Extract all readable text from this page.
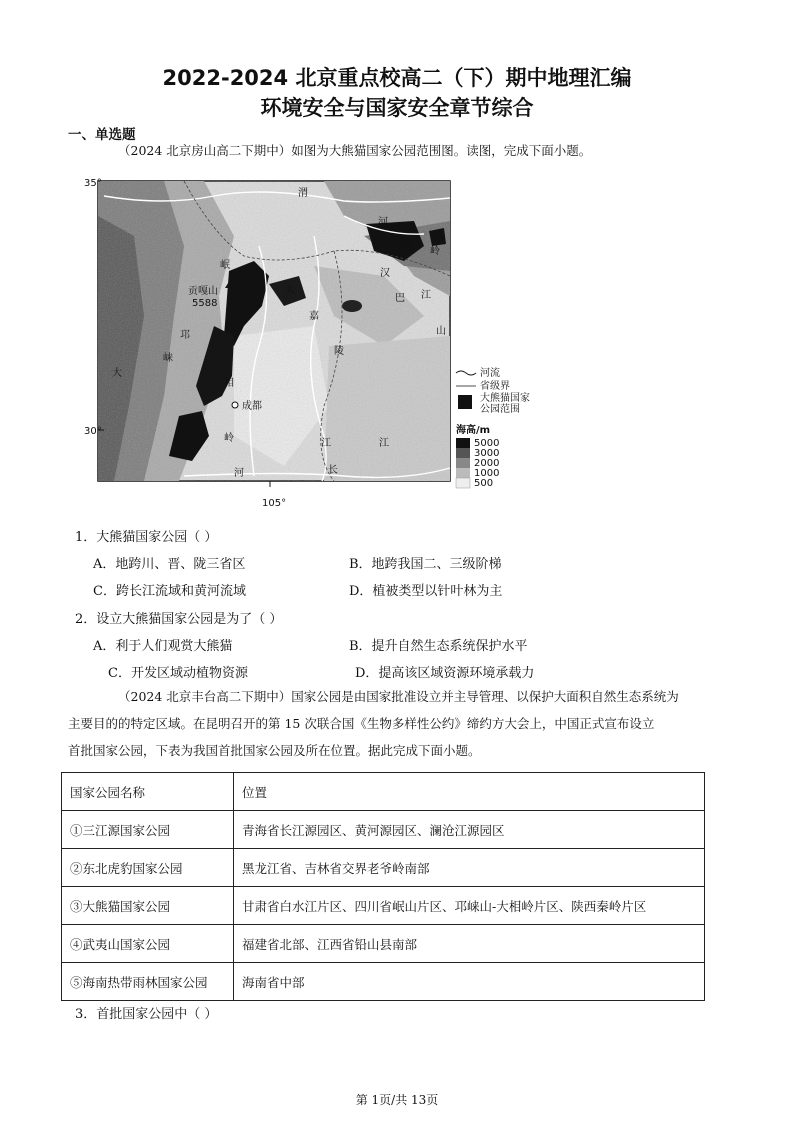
2022-2024 北京重点校高二（下）期中地理汇编
环境安全与国家安全章节综合
一、单选题
（2024 北京房山高二下期中）如图为大熊猫国家公园范围图。读图，完成下面小题。
贡嘎山
5588
成都
渭
河
秦 岭
岷
汉
江
嘉
陵
大
巴
山
邛
崃
大
相
岭	江	江
长
河
35°
30°
105°
河流
省级界
大熊猫国家
公园范围
海高/m
5000
3000
2000
1000
500
1．大熊猫国家公园（ ）
A．地跨川、晋、陇三省区	B．地跨我国二、三级阶梯
C．跨长江流域和黄河流域	D．植被类型以针叶林为主
2．设立大熊猫国家公园是为了（ ）
A．利于人们观赏大熊猫	B．提升自然生态系统保护水平
C．开发区域动植物资源	D．提高该区域资源环境承载力
（2024 北京丰台高二下期中）国家公园是由国家批准设立并主导管理、以保护大面积自然生态系统为
主要目的的特定区域。在昆明召开的第 15 次联合国《生物多样性公约》缔约方大会上，中国正式宣布设立
首批国家公园，下表为我国首批国家公园及所在位置。据此完成下面小题。
国家公园名称	位置
①三江源国家公园	青海省长江源园区、黄河源园区、澜沧江源园区
②东北虎豹国家公园	黑龙江省、吉林省交界老爷岭南部
③大熊猫国家公园	甘肃省白水江片区、四川省岷山片区、邛崃山-大相岭片区、陕西秦岭片区
④武夷山国家公园	福建省北部、江西省铅山县南部
⑤海南热带雨林国家公园	海南省中部
3．首批国家公园中（ ）
第 1页/共 13页
